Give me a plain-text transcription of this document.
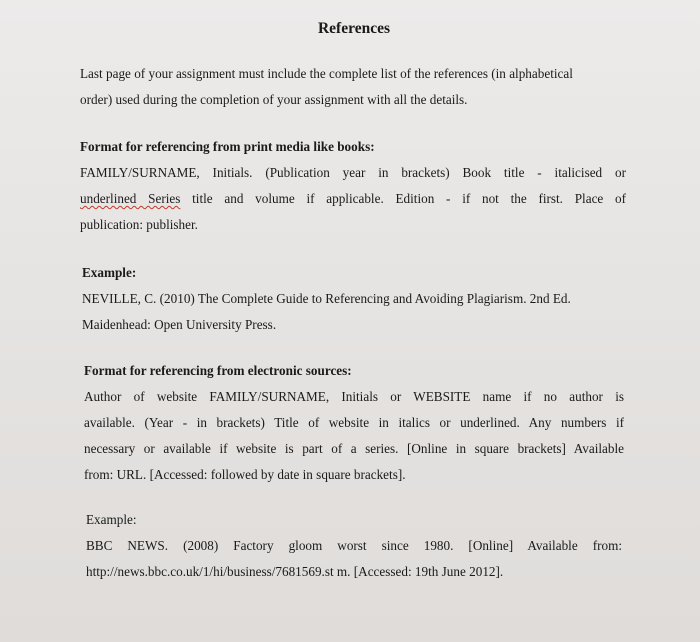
References

Last page of your assignment must include the complete list of the references (in alphabetical

order) used during the completion of your assignment with all the details.

Format for referencing from print media like books:

FAMILY/SURNAME, Initials. (Publication year in brackets) Book title - italicised or

underlined Series title and volume if applicable. Edition - if not the first. Place of

publication: publisher.

Example:

NEVILLE, C. (2010) The Complete Guide to Referencing and Avoiding Plagiarism. 2nd Ed.

Maidenhead: Open University Press.

Format for referencing from electronic sources:

Author of website FAMILY/SURNAME, Initials or WEBSITE name if no author is

available. (Year - in brackets) Title of website in italics or underlined. Any numbers if

necessary or available if website is part of a series. [Online in square brackets] Available

from: URL. [Accessed: followed by date in square brackets].

Example:

BBC NEWS. (2008) Factory gloom worst since 1980. [Online] Available from:

http://news.bbc.co.uk/1/hi/business/7681569.st m. [Accessed: 19th June 2012].
